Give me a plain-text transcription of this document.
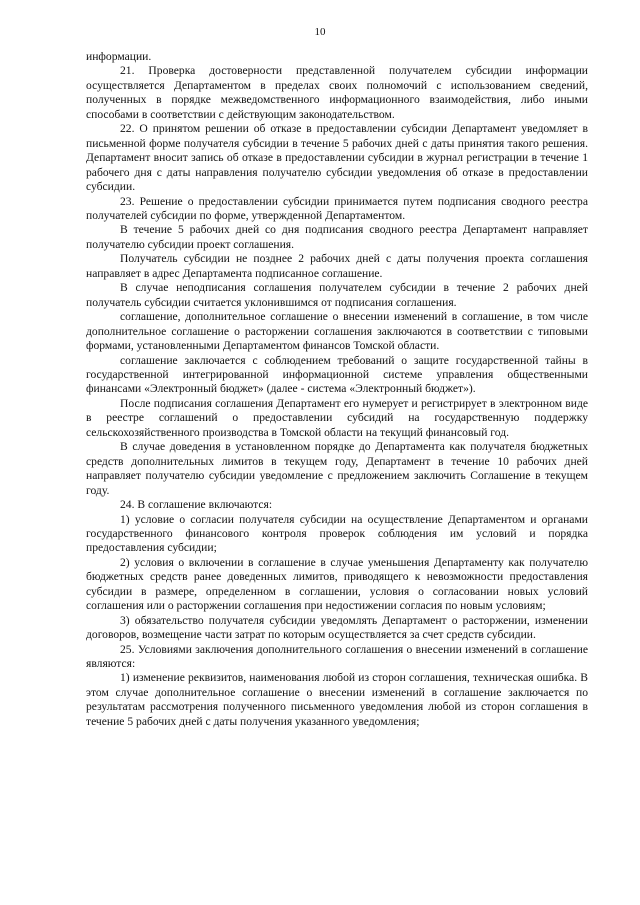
10

информации.

21. Проверка достоверности представленной получателем субсидии информации осуществляется Департаментом в пределах своих полномочий с использованием сведений, полученных в порядке межведомственного информационного взаимодействия, либо иными способами в соответствии с действующим законодательством.

22. О принятом решении об отказе в предоставлении субсидии Департамент уведомляет в письменной форме получателя субсидии в течение 5 рабочих дней с даты принятия такого решения. Департамент вносит запись об отказе в предоставлении субсидии в журнал регистрации в течение 1 рабочего дня с даты направления получателю субсидии уведомления об отказе в предоставлении субсидии.

23. Решение о предоставлении субсидии принимается путем подписания сводного реестра получателей субсидии по форме, утвержденной Департаментом.

В течение 5 рабочих дней со дня подписания сводного реестра Департамент направляет получателю субсидии проект соглашения.

Получатель субсидии не позднее 2 рабочих дней с даты получения проекта соглашения направляет в адрес Департамента подписанное соглашение.

В случае неподписания соглашения получателем субсидии в течение 2 рабочих дней получатель субсидии считается уклонившимся от подписания соглашения.

соглашение, дополнительное соглашение о внесении изменений в соглашение, в том числе дополнительное соглашение о расторжении соглашения заключаются в соответствии с типовыми формами, установленными Департаментом финансов Томской области.

соглашение заключается с соблюдением требований о защите государственной тайны в государственной интегрированной информационной системе управления общественными финансами «Электронный бюджет» (далее - система «Электронный бюджет»).

После подписания соглашения Департамент его нумерует и регистрирует в электронном виде в реестре соглашений о предоставлении субсидий на государственную поддержку сельскохозяйственного производства в Томской области на текущий финансовый год.

В случае доведения в установленном порядке до Департамента как получателя бюджетных средств дополнительных лимитов в текущем году, Департамент в течение 10 рабочих дней направляет получателю субсидии уведомление с предложением заключить Соглашение в текущем году.

24. В соглашение включаются:

1) условие о согласии получателя субсидии на осуществление Департаментом и органами государственного финансового контроля проверок соблюдения им условий и порядка предоставления субсидии;

2) условия о включении в соглашение в случае уменьшения Департаменту как получателю бюджетных средств ранее доведенных лимитов, приводящего к невозможности предоставления субсидии в размере, определенном в соглашении, условия о согласовании новых условий соглашения или о расторжении соглашения при недостижении согласия по новым условиям;

3) обязательство получателя субсидии уведомлять Департамент о расторжении, изменении договоров, возмещение части затрат по которым осуществляется за счет средств субсидии.

25. Условиями заключения дополнительного соглашения о внесении изменений в соглашение являются:

1) изменение реквизитов, наименования любой из сторон соглашения, техническая ошибка. В этом случае дополнительное соглашение о внесении изменений в соглашение заключается по результатам рассмотрения полученного письменного уведомления любой из сторон соглашения в течение 5 рабочих дней с даты получения указанного уведомления;
